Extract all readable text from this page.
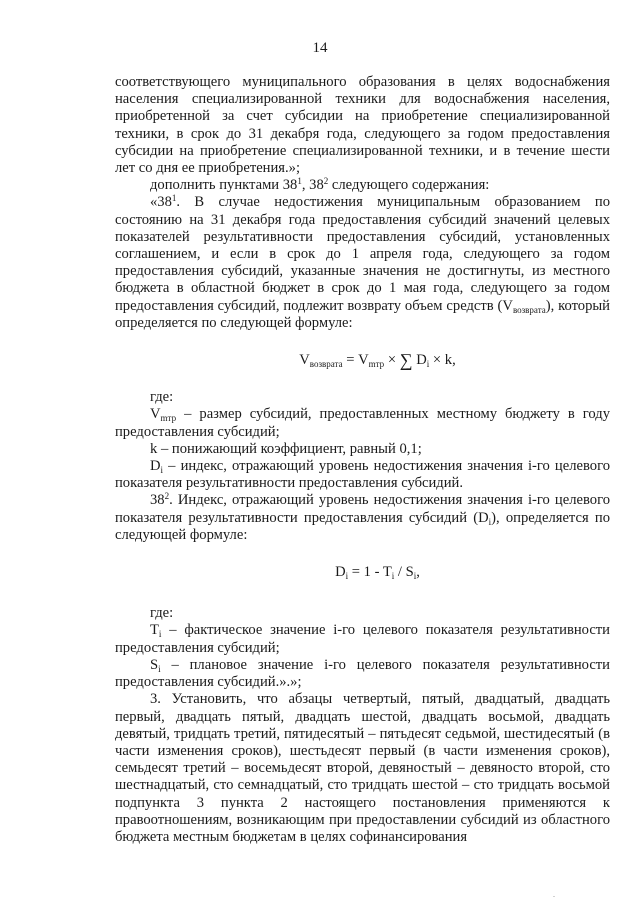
14

соответствующего муниципального образования в целях водоснабжения населения специализированной техники для водоснабжения населения, приобретенной за счет субсидии на приобретение специализированной техники, в срок до 31 декабря года, следующего за годом предоставления субсидии на приобретение специализированной техники, и в течение шести лет со дня ее приобретения.»;

дополнить пунктами $38^1$, $38^2$ следующего содержания:

«$38^1$. В случае недостижения муниципальным образованием по состоянию на 31 декабря года предоставления субсидий значений целевых показателей результативности предоставления субсидий, установленных соглашением, и если в срок до 1 апреля года, следующего за годом предоставления субсидий, указанные значения не достигнуты, из местного бюджета в областной бюджет в срок до 1 мая года, следующего за годом предоставления субсидий, подлежит возврату объем средств $(V_{возврата})$, который определяется по следующей формуле:

$V_{возврата} = V_{mтр}$ × ∑ $D_i \times k$,

где:

$V_{mтр}$ – размер субсидий, предоставленных местному бюджету в году предоставления субсидий;

k – понижающий коэффициент, равный 0,1;

$D_i$ – индекс, отражающий уровень недостижения значения i-го целевого показателя результативности предоставления субсидий.

$38^2$. Индекс, отражающий уровень недостижения значения i-го целевого показателя результативности предоставления субсидий $(D_i)$, определяется по следующей формуле:

$D_i = 1 - T_i / S_i$,

где:

$T_i$ – фактическое значение i-го целевого показателя результативности предоставления субсидий;

$S_i$ – плановое значение i-го целевого показателя результативности предоставления субсидий.».»;

3. Установить, что абзацы четвертый, пятый, двадцатый, двадцать первый, двадцать пятый, двадцать шестой, двадцать восьмой, двадцать девятый, тридцать третий, пятидесятый – пятьдесят седьмой, шестидесятый (в части изменения сроков), шестьдесят первый (в части изменения сроков), семьдесят третий – восемьдесят второй, девяностый – девяносто второй, сто шестнадцатый, сто семнадцатый, сто тридцать шестой – сто тридцать восьмой подпункта 3 пункта 2 настоящего постановления применяются к правоотношениям, возникающим при предоставлении субсидий из областного бюджета местным бюджетам в целях софинансирования

.
